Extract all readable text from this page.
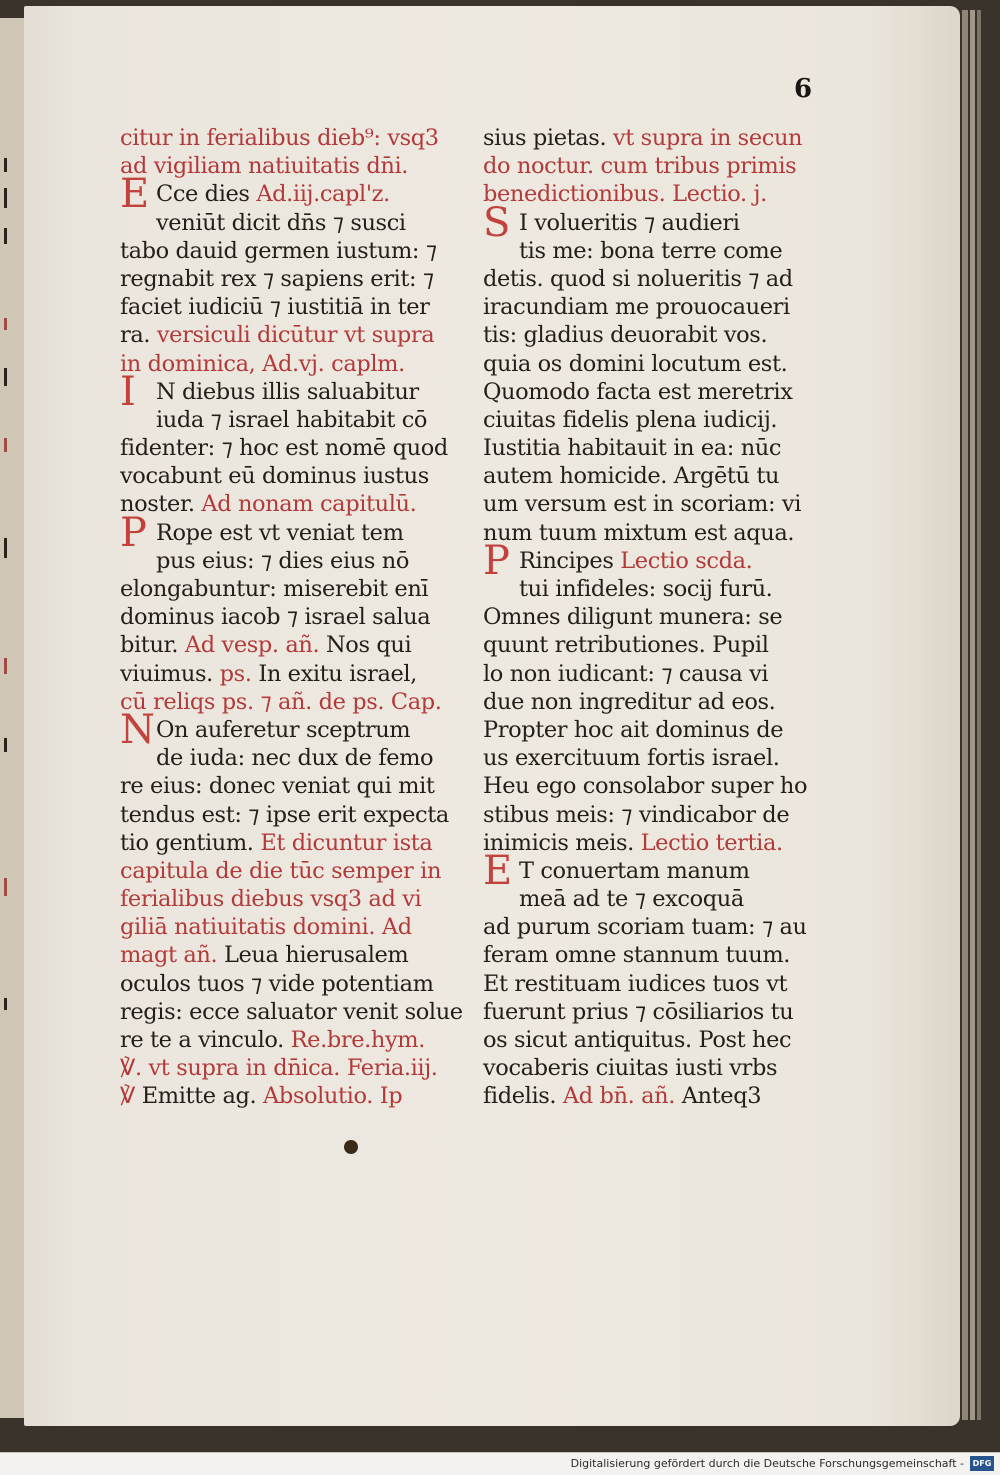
6
citur in ferialibus dieb⁹: vsq3
ad vigiliam natiuitatis dn̄i.
E Cce dies Ad.iij.capl'z.
veniūt dicit dn̄s ⁊ susci
tabo dauid germen iustum: ⁊
regnabit rex ⁊ sapiens erit: ⁊
faciet iudiciū ⁊ iustitiā in ter
ra. versiculi dicūtur vt supra
in dominica, Ad.vj. caplm.
I N diebus illis saluabitur
iuda ⁊ israel habitabit cō
fidenter: ⁊ hoc est nomē quod
vocabunt eū dominus iustus
noster. Ad nonam capitulū.
P Rope est vt veniat tem
pus eius: ⁊ dies eius nō
elongabuntur: miserebit enī
dominus iacob ⁊ israel salua
bitur. Ad vesp. añ. Nos qui
viuimus. ps. In exitu israel,
cū reliqs ps. ⁊ añ. de ps. Cap.
NOn auferetur sceptrum
de iuda: nec dux de femo
re eius: donec veniat qui mit
tendus est: ⁊ ipse erit expecta
tio gentium. Et dicuntur ista
capitula de die tūc semper in
ferialibus diebus vsq3 ad vi
giliā natiuitatis domini. Ad
magt añ. Leua hierusalem
oculos tuos ⁊ vide potentiam
regis: ecce saluator venit solue
re te a vinculo. Re.bre.hym.
℣. vt supra in dn̄ica. Feria.iij.
℣ Emitte ag. Absolutio. Ip
sius pietas. vt supra in secun
do noctur. cum tribus primis
benedictionibus. Lectio. j.
S I volueritis ⁊ audieri
tis me: bona terre come
detis. quod si nolueritis ⁊ ad
iracundiam me prouocaueri
tis: gladius deuorabit vos.
quia os domini locutum est.
Quomodo facta est meretrix
ciuitas fidelis plena iudicij.
Iustitia habitauit in ea: nūc
autem homicide. Argētū tu
um versum est in scoriam: vi
num tuum mixtum est aqua.
P Rincipes Lectio scda.
tui infideles: socij furū.
Omnes diligunt munera: se
quunt retributiones. Pupil
lo non iudicant: ⁊ causa vi
due non ingreditur ad eos.
Propter hoc ait dominus de
us exercituum fortis israel.
Heu ego consolabor super ho
stibus meis: ⁊ vindicabor de
inimicis meis. Lectio tertia.
E T conuertam manum
meā ad te ⁊ excoquā
ad purum scoriam tuam: ⁊ au
feram omne stannum tuum.
Et restituam iudices tuos vt
fuerunt prius ⁊ cōsiliarios tu
os sicut antiquitus. Post hec
vocaberis ciuitas iusti vrbs
fidelis. Ad bn̄. añ. Anteq3
Digitalisierung gefördert durch die Deutsche Forschungsgemeinschaft -	DFG
